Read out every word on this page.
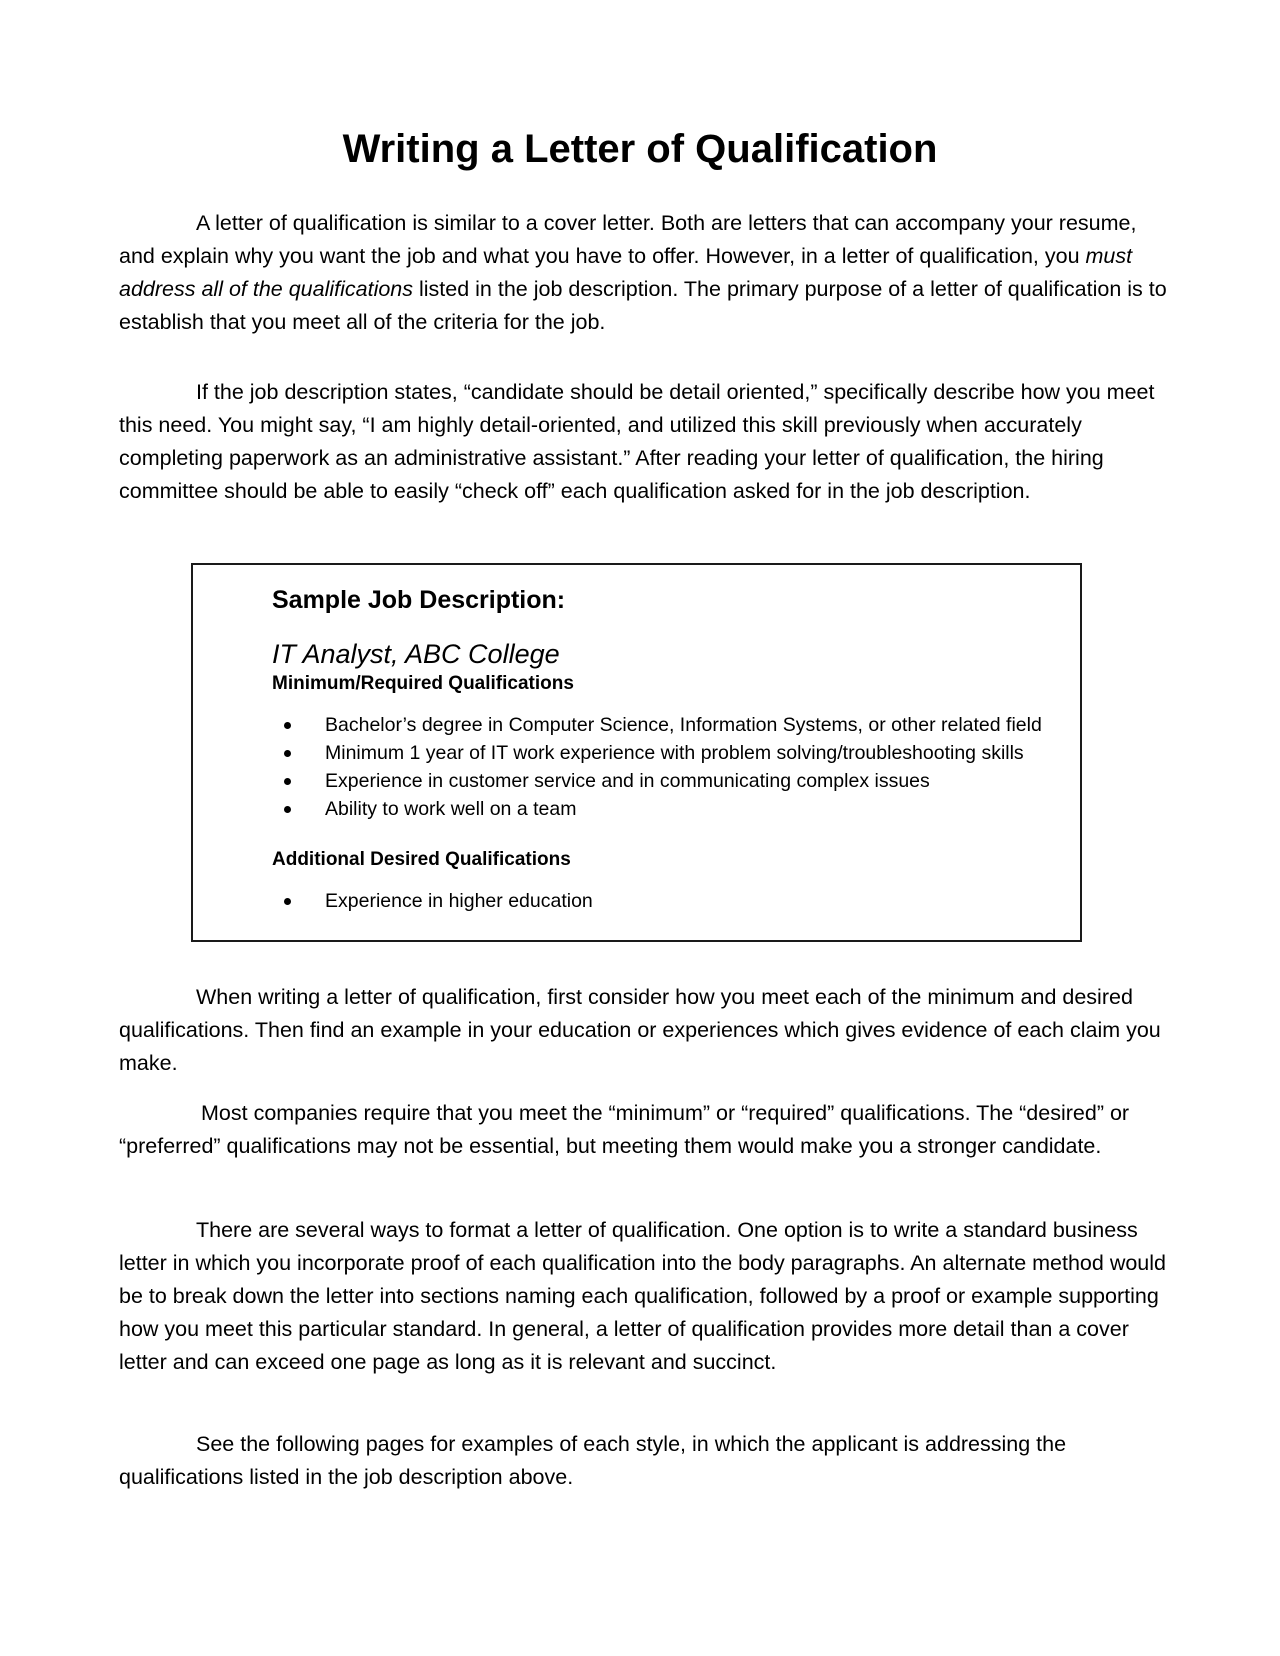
Writing a Letter of Qualification

A letter of qualification is similar to a cover letter. Both are letters that can accompany your resume, and explain why you want the job and what you have to offer. However, in a letter of qualification, you must address all of the qualifications listed in the job description. The primary purpose of a letter of qualification is to establish that you meet all of the criteria for the job.

If the job description states, “candidate should be detail oriented,” specifically describe how you meet this need. You might say, “I am highly detail-oriented, and utilized this skill previously when accurately completing paperwork as an administrative assistant.” After reading your letter of qualification, the hiring committee should be able to easily “check off” each qualification asked for in the job description.

Sample Job Description:

IT Analyst, ABC College

Minimum/Required Qualifications

Bachelor’s degree in Computer Science, Information Systems, or other related field
Minimum 1 year of IT work experience with problem solving/troubleshooting skills
Experience in customer service and in communicating complex issues
Ability to work well on a team

Additional Desired Qualifications

Experience in higher education

When writing a letter of qualification, first consider how you meet each of the minimum and desired qualifications. Then find an example in your education or experiences which gives evidence of each claim you make.

Most companies require that you meet the “minimum” or “required” qualifications. The “desired” or “preferred” qualifications may not be essential, but meeting them would make you a stronger candidate.

There are several ways to format a letter of qualification. One option is to write a standard business letter in which you incorporate proof of each qualification into the body paragraphs. An alternate method would be to break down the letter into sections naming each qualification, followed by a proof or example supporting how you meet this particular standard. In general, a letter of qualification provides more detail than a cover letter and can exceed one page as long as it is relevant and succinct.

See the following pages for examples of each style, in which the applicant is addressing the qualifications listed in the job description above.
